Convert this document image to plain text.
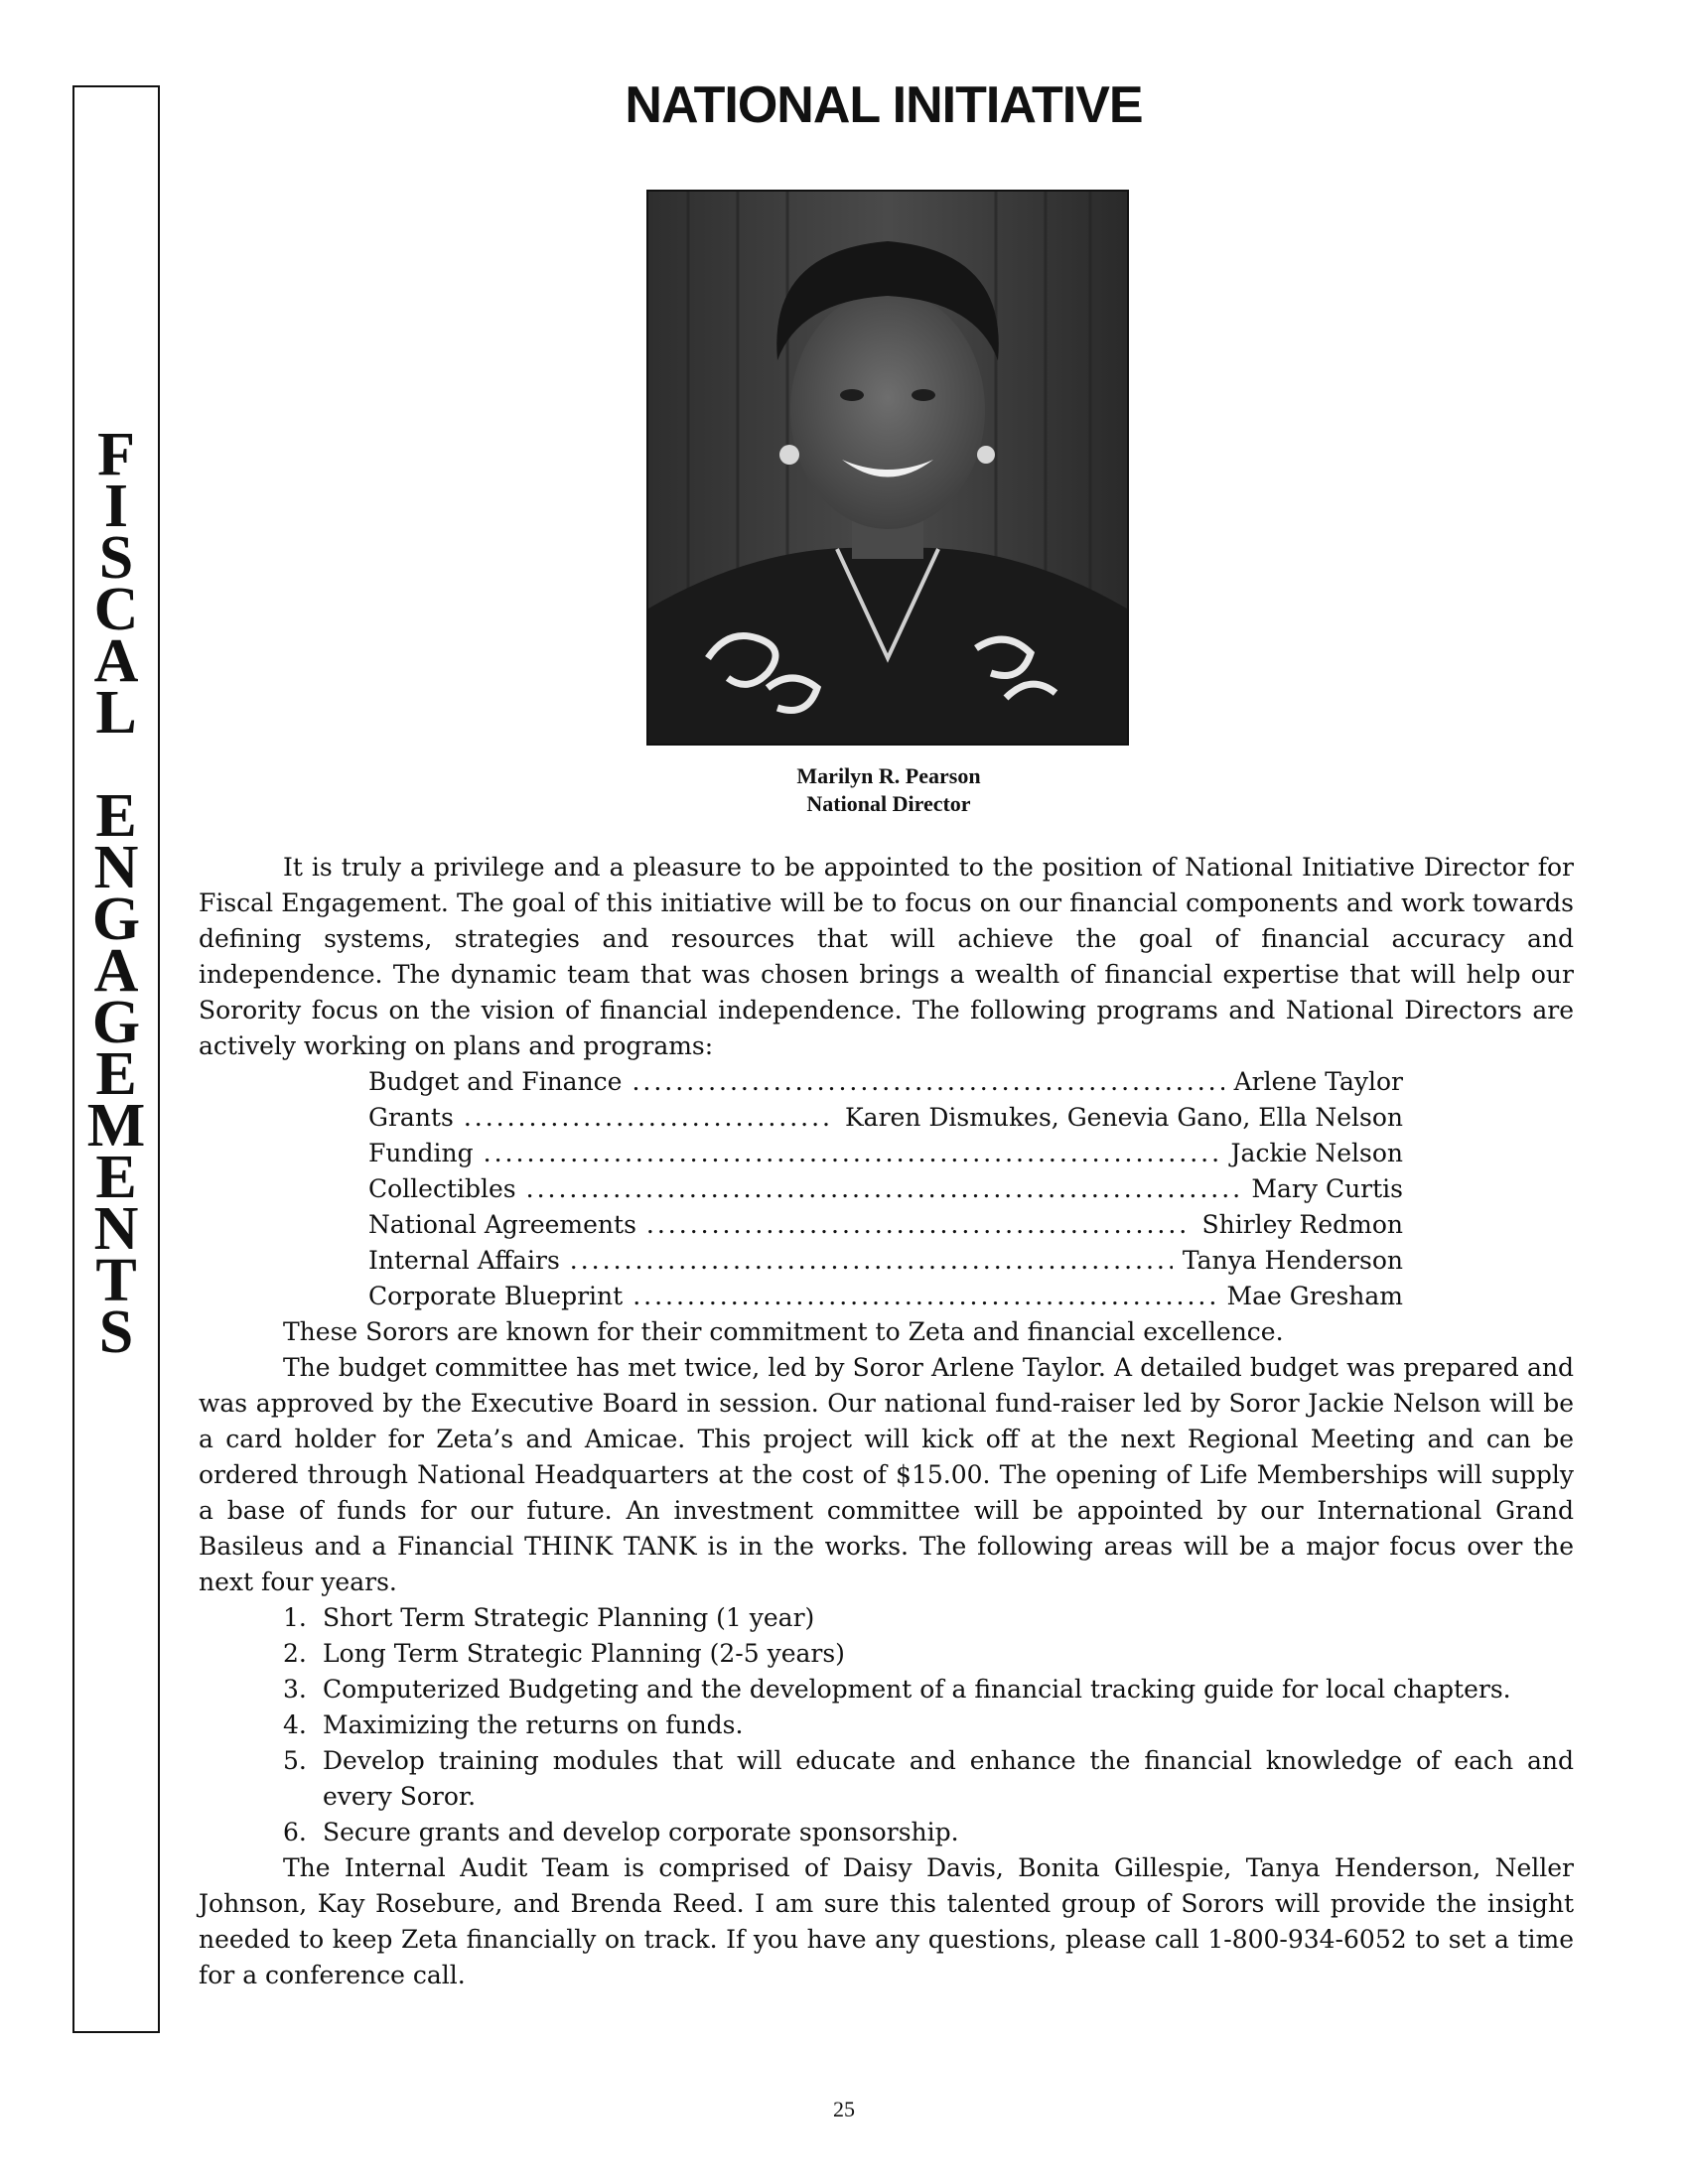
F
I
S
C
A
L
E
N
G
A
G
E
M
E
N
T
S
NATIONAL INITIATIVE
Marilyn R. Pearson
National Director

It is truly a privilege and a pleasure to be appointed to the position of National Initiative Director for Fiscal Engagement. The goal of this initiative will be to focus on our financial components and work towards defining systems, strategies and resources that will achieve the goal of financial accuracy and independence. The dynamic team that was chosen brings a wealth of financial expertise that will help our Sorority focus on the vision of financial independence. The following programs and National Directors are actively working on plans and programs:

Budget and Finance .....	Arlene Taylor
Grants .....	Karen Dismukes, Genevia Gano, Ella Nelson
Funding .....	Jackie Nelson
Collectibles .....	Mary Curtis
National Agreements .....	Shirley Redmon
Internal Affairs .....	Tanya Henderson
Corporate Blueprint .....	Mae Gresham

These Sorors are known for their commitment to Zeta and financial excellence.

The budget committee has met twice, led by Soror Arlene Taylor. A detailed budget was prepared and was approved by the Executive Board in session. Our national fund-raiser led by Soror Jackie Nelson will be a card holder for Zeta’s and Amicae. This project will kick off at the next Regional Meeting and can be ordered through National Headquarters at the cost of $15.00. The opening of Life Memberships will supply a base of funds for our future. An investment committee will be appointed by our International Grand Basileus and a Financial THINK TANK is in the works. The following areas will be a major focus over the next four years.

1. Short Term Strategic Planning (1 year)
2. Long Term Strategic Planning (2-5 years)
3. Computerized Budgeting and the development of a financial tracking guide for local chapters.
4. Maximizing the returns on funds.
5. Develop training modules that will educate and enhance the financial knowledge of each and every Soror.
6. Secure grants and develop corporate sponsorship.

The Internal Audit Team is comprised of Daisy Davis, Bonita Gillespie, Tanya Henderson, Neller Johnson, Kay Rosebure, and Brenda Reed. I am sure this talented group of Sorors will provide the insight needed to keep Zeta financially on track. If you have any questions, please call 1-800-934-6052 to set a time for a conference call.

25
